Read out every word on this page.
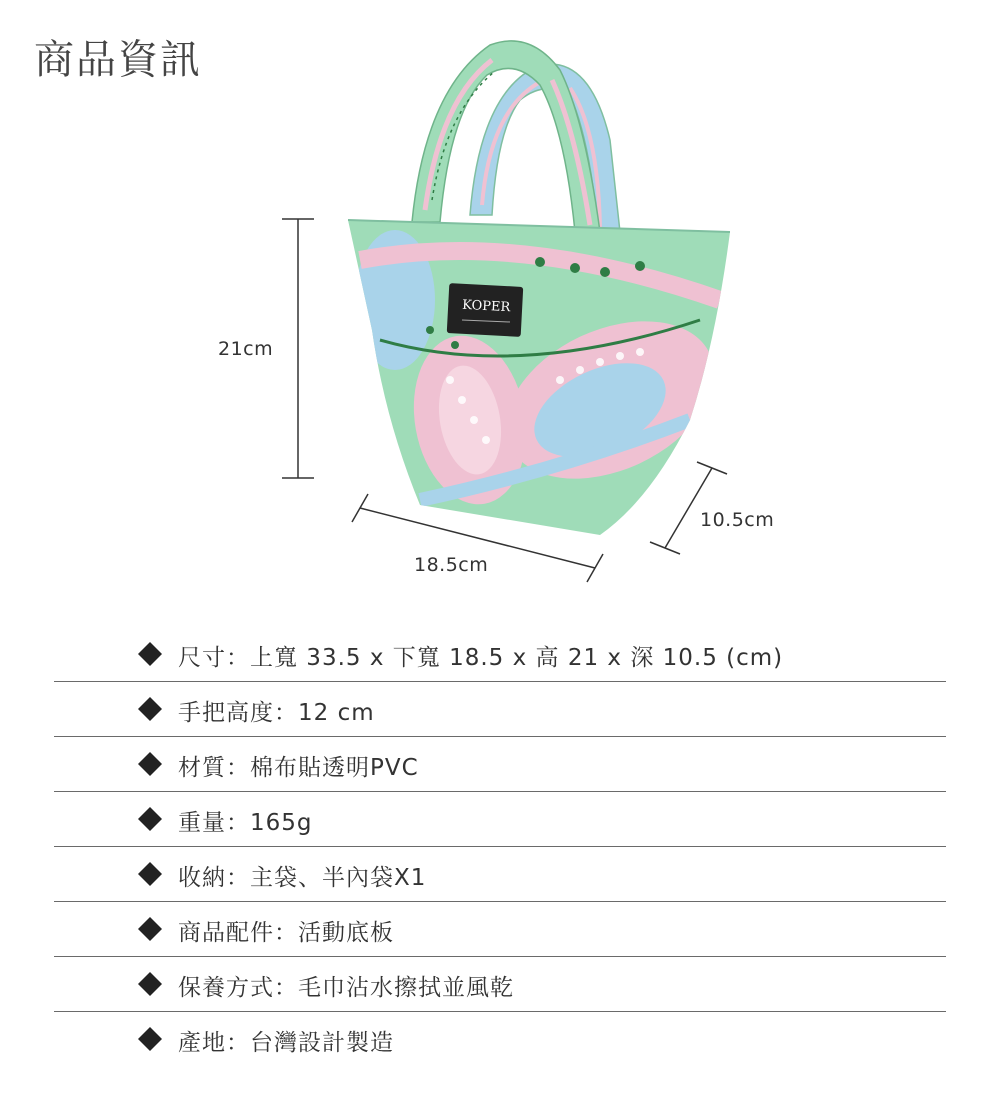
商品資訊
KOPER
21cm
18.5cm
10.5cm
尺寸：上寬 33.5 x 下寬 18.5 x 高 21 x 深 10.5 (cm)
手把高度：12 cm
材質：棉布貼透明PVC
重量：165g
收納：主袋、半內袋X1
商品配件：活動底板
保養方式：毛巾沾水擦拭並風乾
產地：台灣設計製造
